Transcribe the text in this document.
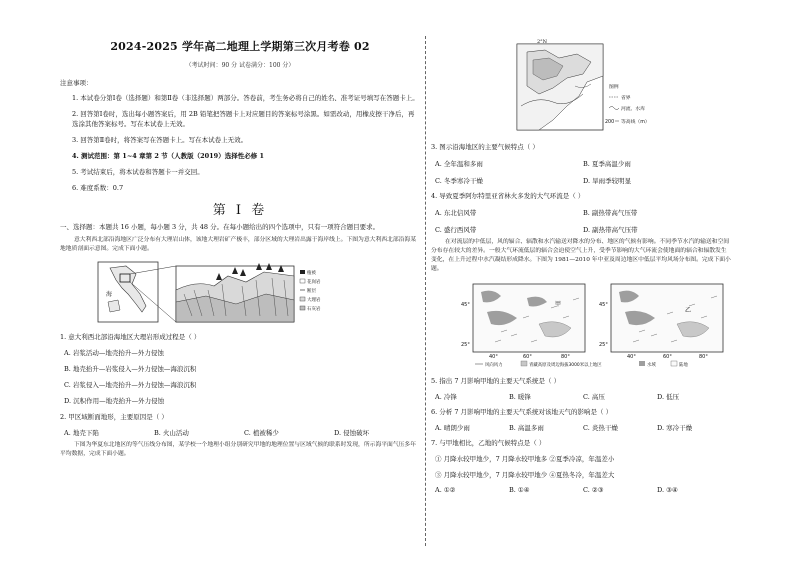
2024-2025 学年高二地理上学期第三次月考卷 02
（考试时间：90 分 试卷满分：100 分）
注意事项：

1. 本试卷分第Ⅰ卷（选择题）和第Ⅱ卷（非选择题）两部分。答卷前，考生务必将自己的姓名、准考证号填写在答题卡上。

2. 回答第Ⅰ卷时，选出每小题答案后，用 2B 铅笔把答题卡上对应题目的答案标号涂黑。如需改动，用橡皮擦干净后，再选涂其他答案标号。写在本试卷上无效。

3. 回答第Ⅱ卷时，将答案写在答题卡上。写在本试卷上无效。

4. 测试范围：第 1~4 章第 2 节（人教版（2019）选择性必修 1

5. 考试结束后，将本试卷和答题卡一并交回。

6. 难度系数：0.7

第 Ⅰ 卷
一、选择题：本题共 16 小题，每小题 3 分，共 48 分。在每小题给出的四个选项中，只有一项符合题目要求。
意大利西北部沿海地区广泛分布有大理岩山体，该地大理岩矿产极丰，部分区域的大理岩出露于海岸线上。下图为意大利西北部沿海某地地质剖面示意图。完成下面小题。
植被
花岗岩
断层
大理岩
石灰岩
海
1. 意大利西北部沿海地区大理岩形成过程是（ ）
A. 岩浆活动—地壳抬升—外力侵蚀
B. 地壳抬升—岩浆侵入—外力侵蚀—海浪沉积
C. 岩浆侵入—地壳抬升—外力侵蚀—海浪沉积
D. 沉积作用—地壳抬升—外力侵蚀
2. 甲区域断面地形，主要原因是（ ）
A. 地壳下陷	B. 火山活动	C. 植被稀少	D. 侵蚀破坏
下图为华夏东北地区的等气压线分布图，某学校一个地理小组分别研究甲地的地理位置与区域气候的联系时发现，所示海平面气压多年平均数据，完成下面小题。
2°N
图例
省界
河流、水库
200 等高线（m）
3. 图示沿海地区的主要气候特点（ ）
A. 全年温和多雨	B. 夏季高温少雨
C. 冬季寒冷干燥	D. 旱雨季较明显
4. 导致夏季阿尔特里亚省林火多发的大气环流是（ ）
A. 东北信风带	B. 副热带高气压带
C. 盛行西风带	D. 副热带高气压带
在对流层的中低层，风的辐合、辐散和水汽输送对降水的分布、地区的气候有影响。不同季节水汽的输送和空间分布存在较大的差异。一般大气环流低层的辐合会迫使空气上升，受季节影响的大气环流会使地面的辐合和辐散发生变化，在上升过程中水汽凝结形成降水。下图为 1981—2010 年中亚及周边地区中低层平均风场分布图。完成下面小题。
45°
25°
45°
25°
40°	60°	80°	40°	60°	80°
甲
乙
风向风力	青藏高原及周边海拔3000米以上地区	水域	陆地
5. 指出 7 月影响甲地的主要天气系统是（ ）
A. 冷锋	B. 暖锋	C. 高压	D. 低压
6. 分析 7 月影响甲地的主要天气系统对该地天气的影响是（ ）
A. 晴朗少雨	B. 高温多雨	C. 炎热干燥	D. 寒冷干燥
7. 与甲地相比，乙地的气候特点是（ ）
① 月降水较甲地少，7 月降水较甲地多 ②夏季冷凉，年温差小
③ 月降水较甲地少，7 月降水较甲地少 ④夏热冬冷，年温差大
A. ①②	B. ①④	C. ②③	D. ③④
